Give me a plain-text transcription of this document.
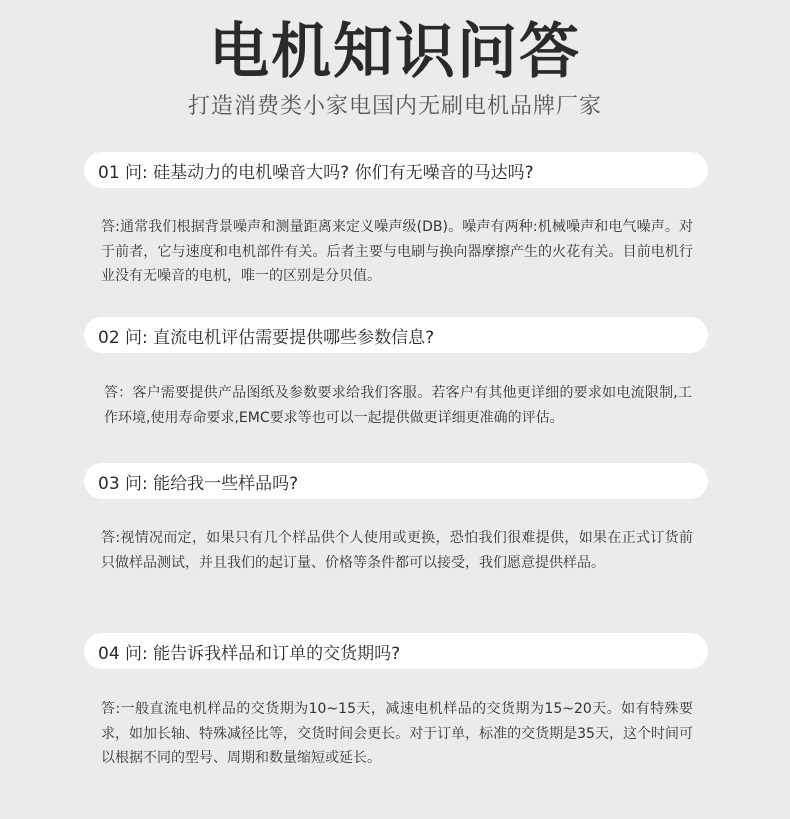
电机知识问答
打造消费类小家电国内无刷电机品牌厂家
01 问: 硅基动力的电机噪音大吗? 你们有无噪音的马达吗?
答:通常我们根据背景噪声和测量距离来定义噪声级(DB)。噪声有两种:机械噪声和电气噪声。对于前者，它与速度和电机部件有关。后者主要与电刷与换向器摩擦产生的火花有关。目前电机行业没有无噪音的电机，唯一的区别是分贝值。
02 问: 直流电机评估需要提供哪些参数信息?
答：客户需要提供产品图纸及参数要求给我们客服。若客户有其他更详细的要求如电流限制,工作环境,使用寿命要求,EMC要求等也可以一起提供做更详细更准确的评估。
03 问: 能给我一些样品吗?
答:视情况而定，如果只有几个样品供个人使用或更换，恐怕我们很难提供，如果在正式订货前只做样品测试，并且我们的起订量、价格等条件都可以接受，我们愿意提供样品。
04 问: 能告诉我样品和订单的交货期吗?
答:一般直流电机样品的交货期为10~15天，减速电机样品的交货期为15~20天。如有特殊要求，如加长轴、特殊减径比等，交货时间会更长。对于订单，标准的交货期是35天，这个时间可以根据不同的型号、周期和数量缩短或延长。
